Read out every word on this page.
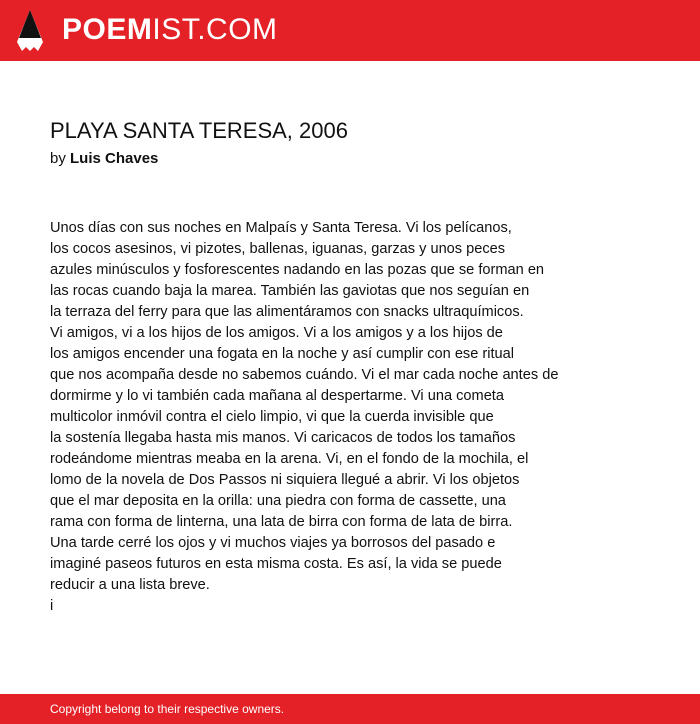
POEMIST.COM
PLAYA SANTA TERESA, 2006
by Luis Chaves
Unos días con sus noches en Malpaís y Santa Teresa. Vi los pelícanos,
los cocos asesinos, vi pizotes, ballenas, iguanas, garzas y unos peces
azules minúsculos y fosforescentes nadando en las pozas que se forman en
las rocas cuando baja la marea. También las gaviotas que nos seguían en
la terraza del ferry para que las alimentáramos con snacks ultraquímicos.
Vi amigos, vi a los hijos de los amigos. Vi a los amigos y a los hijos de
los amigos encender una fogata en la noche y así cumplir con ese ritual
que nos acompaña desde no sabemos cuándo. Vi el mar cada noche antes de
dormirme y lo vi también cada mañana al despertarme. Vi una cometa
multicolor inmóvil contra el cielo limpio, vi que la cuerda invisible que
la sostenía llegaba hasta mis manos. Vi caricacos de todos los tamaños
rodeándome mientras meaba en la arena. Vi, en el fondo de la mochila, el
lomo de la novela de Dos Passos ni siquiera llegué a abrir. Vi los objetos
que el mar deposita en la orilla: una piedra con forma de cassette, una
rama con forma de linterna, una lata de birra con forma de lata de birra.
Una tarde cerré los ojos y vi muchos viajes ya borrosos del pasado e
imaginé paseos futuros en esta misma costa. Es así, la vida se puede
reducir a una lista breve.
i
Copyright belong to their respective owners.
